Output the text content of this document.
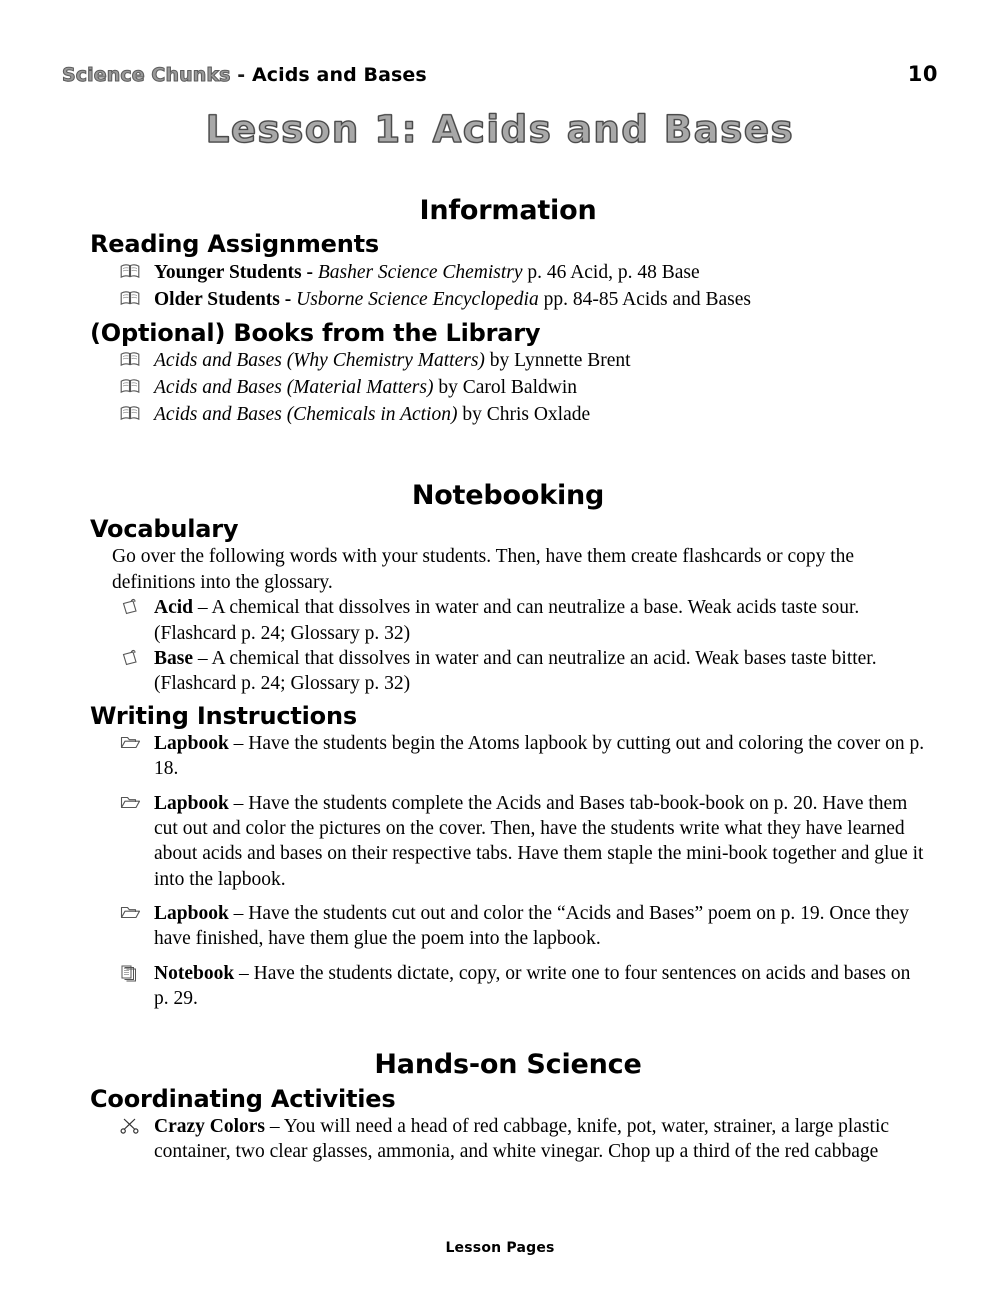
Science Chunks - Acids and Bases	10
Lesson 1: Acids and Bases
Information
Reading Assignments
Younger Students - Basher Science Chemistry p. 46 Acid, p. 48 Base
Older Students - Usborne Science Encyclopedia pp. 84-85 Acids and Bases
(Optional) Books from the Library
Acids and Bases (Why Chemistry Matters) by Lynnette Brent
Acids and Bases (Material Matters) by Carol Baldwin
Acids and Bases (Chemicals in Action) by Chris Oxlade
Notebooking
Vocabulary

Go over the following words with your students. Then, have them create flashcards or copy the definitions into the glossary.

Acid – A chemical that dissolves in water and can neutralize a base. Weak acids taste sour. (Flashcard p. 24; Glossary p. 32)
Base – A chemical that dissolves in water and can neutralize an acid. Weak bases taste bitter. (Flashcard p. 24; Glossary p. 32)
Writing Instructions
Lapbook – Have the students begin the Atoms lapbook by cutting out and coloring the cover on p. 18.
Lapbook – Have the students complete the Acids and Bases tab-book-book on p. 20. Have them cut out and color the pictures on the cover. Then, have the students write what they have learned about acids and bases on their respective tabs. Have them staple the mini-book together and glue it into the lapbook.
Lapbook – Have the students cut out and color the “Acids and Bases” poem on p. 19. Once they have finished, have them glue the poem into the lapbook.
Notebook – Have the students dictate, copy, or write one to four sentences on acids and bases on p. 29.
Hands-on Science
Coordinating Activities
Crazy Colors – You will need a head of red cabbage, knife, pot, water, strainer, a large plastic container, two clear glasses, ammonia, and white vinegar. Chop up a third of the red cabbage
Lesson Pages
